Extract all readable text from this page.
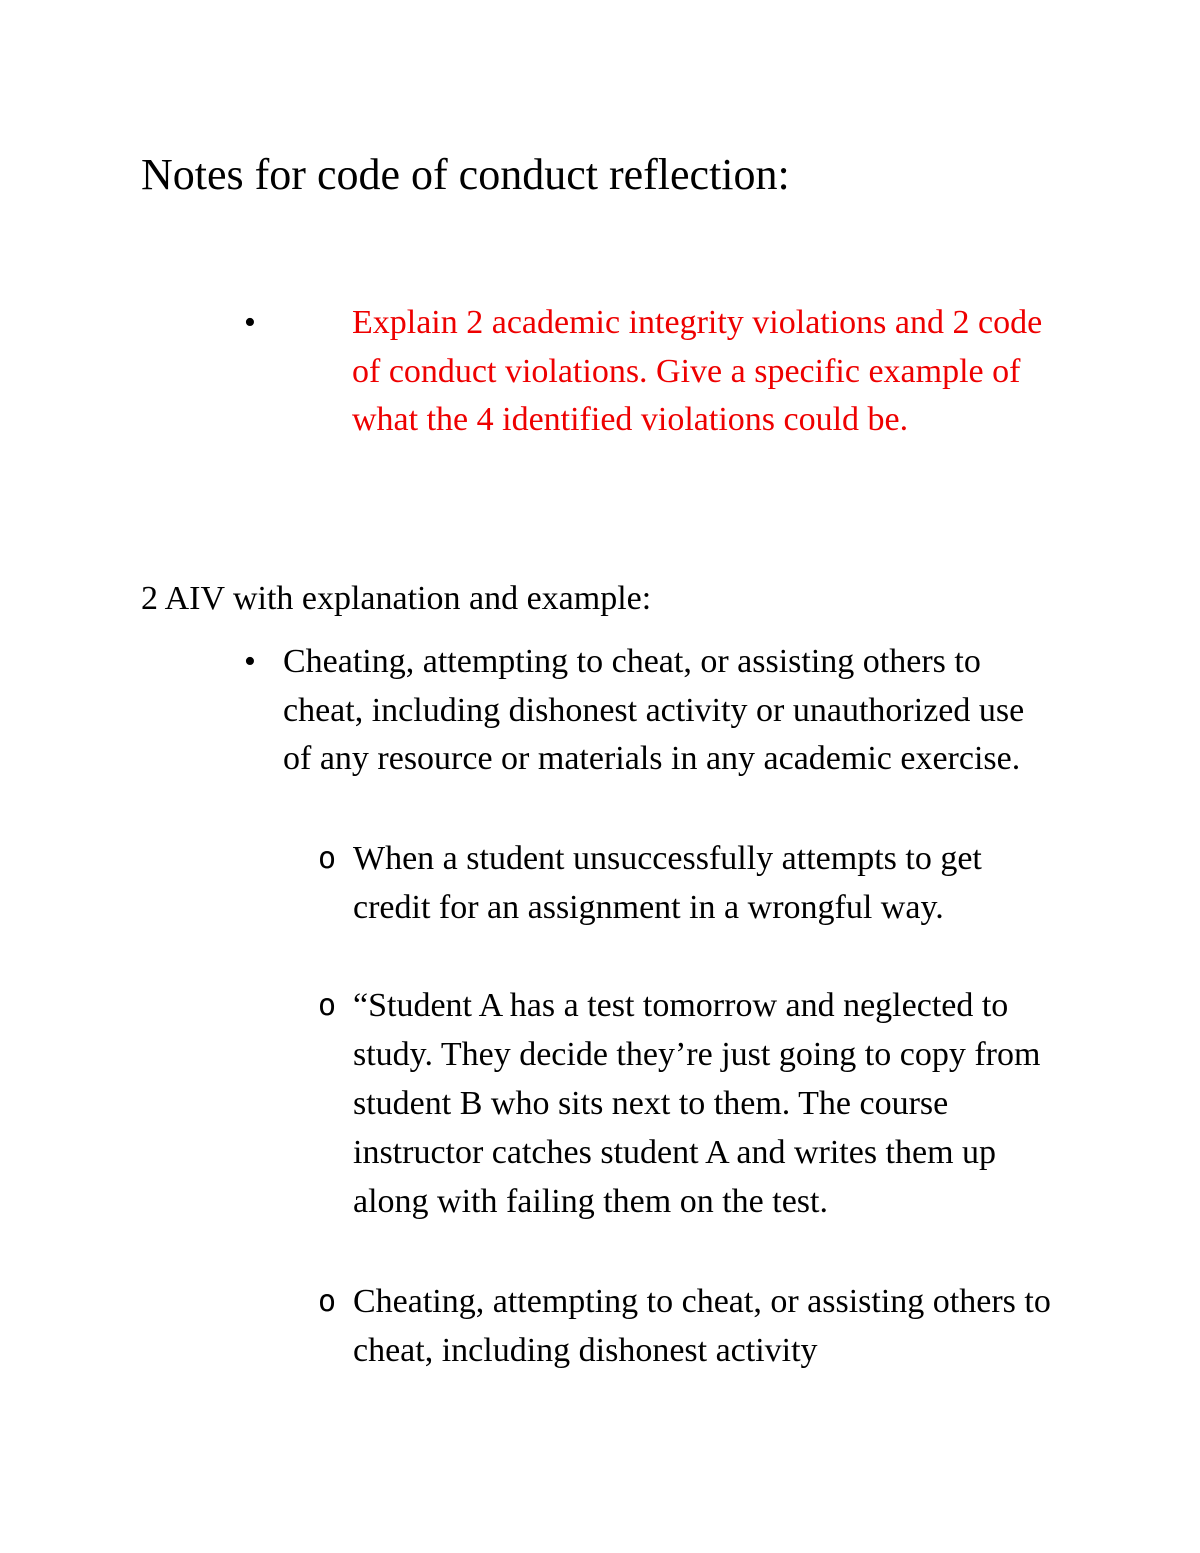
Notes for code of conduct reflection:
•	Explain 2 academic integrity violations and 2 code of conduct violations. Give a specific example of what the 4 identified violations could be.
2 AIV with explanation and example:
• Cheating, attempting to cheat, or assisting others to cheat, including dishonest activity or unauthorized use of any resource or materials in any academic exercise.
o When a student unsuccessfully attempts to get credit for an assignment in a wrongful way.
o “Student A has a test tomorrow and neglected to study. They decide they’re just going to copy from student B who sits next to them. The course instructor catches student A and writes them up along with failing them on the test.
o Cheating, attempting to cheat, or assisting others to cheat, including dishonest activity
